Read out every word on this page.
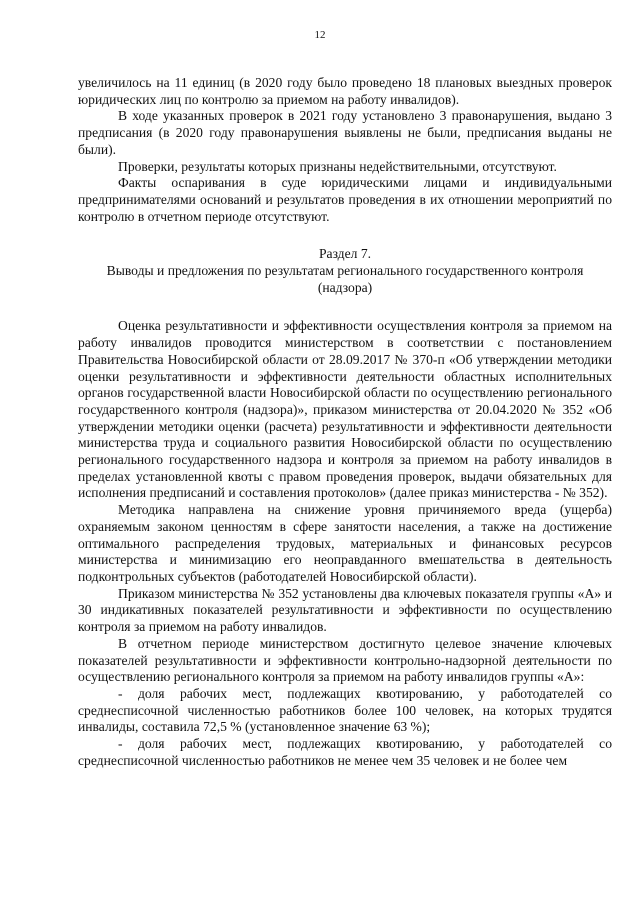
12

увеличилось на 11 единиц (в 2020 году было проведено 18 плановых выездных проверок юридических лиц по контролю за приемом на работу инвалидов).

В ходе указанных проверок в 2021 году установлено 3 правонарушения, выдано 3 предписания (в 2020 году правонарушения выявлены не были, предписания выданы не были).

Проверки, результаты которых признаны недействительными, отсутствуют.

Факты оспаривания в суде юридическими лицами и индивидуальными предпринимателями оснований и результатов проведения в их отношении мероприятий по контролю в отчетном периоде отсутствуют.

Раздел 7.

Выводы и предложения по результатам регионального государственного контроля (надзора)

Оценка результативности и эффективности осуществления контроля за приемом на работу инвалидов проводится министерством в соответствии с постановлением Правительства Новосибирской области от 28.09.2017 № 370-п «Об утверждении методики оценки результативности и эффективности деятельности областных исполнительных органов государственной власти Новосибирской области по осуществлению регионального государственного контроля (надзора)», приказом министерства от 20.04.2020 № 352 «Об утверждении методики оценки (расчета) результативности и эффективности деятельности министерства труда и социального развития Новосибирской области по осуществлению регионального государственного надзора и контроля за приемом на работу инвалидов в пределах установленной квоты с правом проведения проверок, выдачи обязательных для исполнения предписаний и составления протоколов» (далее приказ министерства - № 352).

Методика направлена на снижение уровня причиняемого вреда (ущерба) охраняемым законом ценностям в сфере занятости населения, а также на достижение оптимального распределения трудовых, материальных и финансовых ресурсов министерства и минимизацию его неоправданного вмешательства в деятельность подконтрольных субъектов (работодателей Новосибирской области).

Приказом министерства № 352 установлены два ключевых показателя группы «А» и 30 индикативных показателей результативности и эффективности по осуществлению контроля за приемом на работу инвалидов.

В отчетном периоде министерством достигнуто целевое значение ключевых показателей результативности и эффективности контрольно-надзорной деятельности по осуществлению регионального контроля за приемом на работу инвалидов группы «А»:

- доля рабочих мест, подлежащих квотированию, у работодателей со среднесписочной численностью работников более 100 человек, на которых трудятся инвалиды, составила 72,5 % (установленное значение 63 %);

- доля рабочих мест, подлежащих квотированию, у работодателей со среднесписочной численностью работников не менее чем 35 человек и не более чем
